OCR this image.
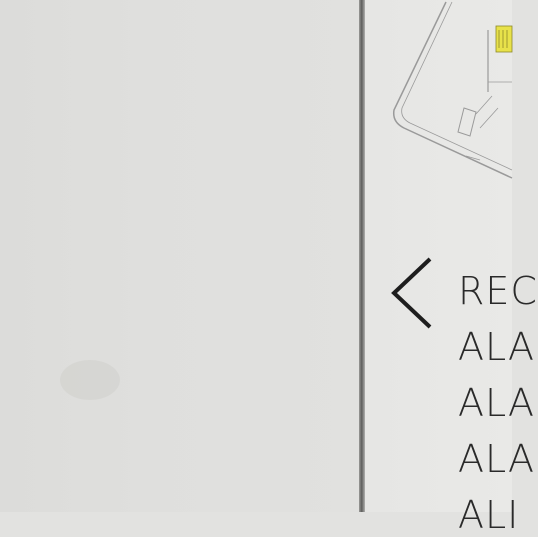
REC
ALA
ALA
ALA
ALI
